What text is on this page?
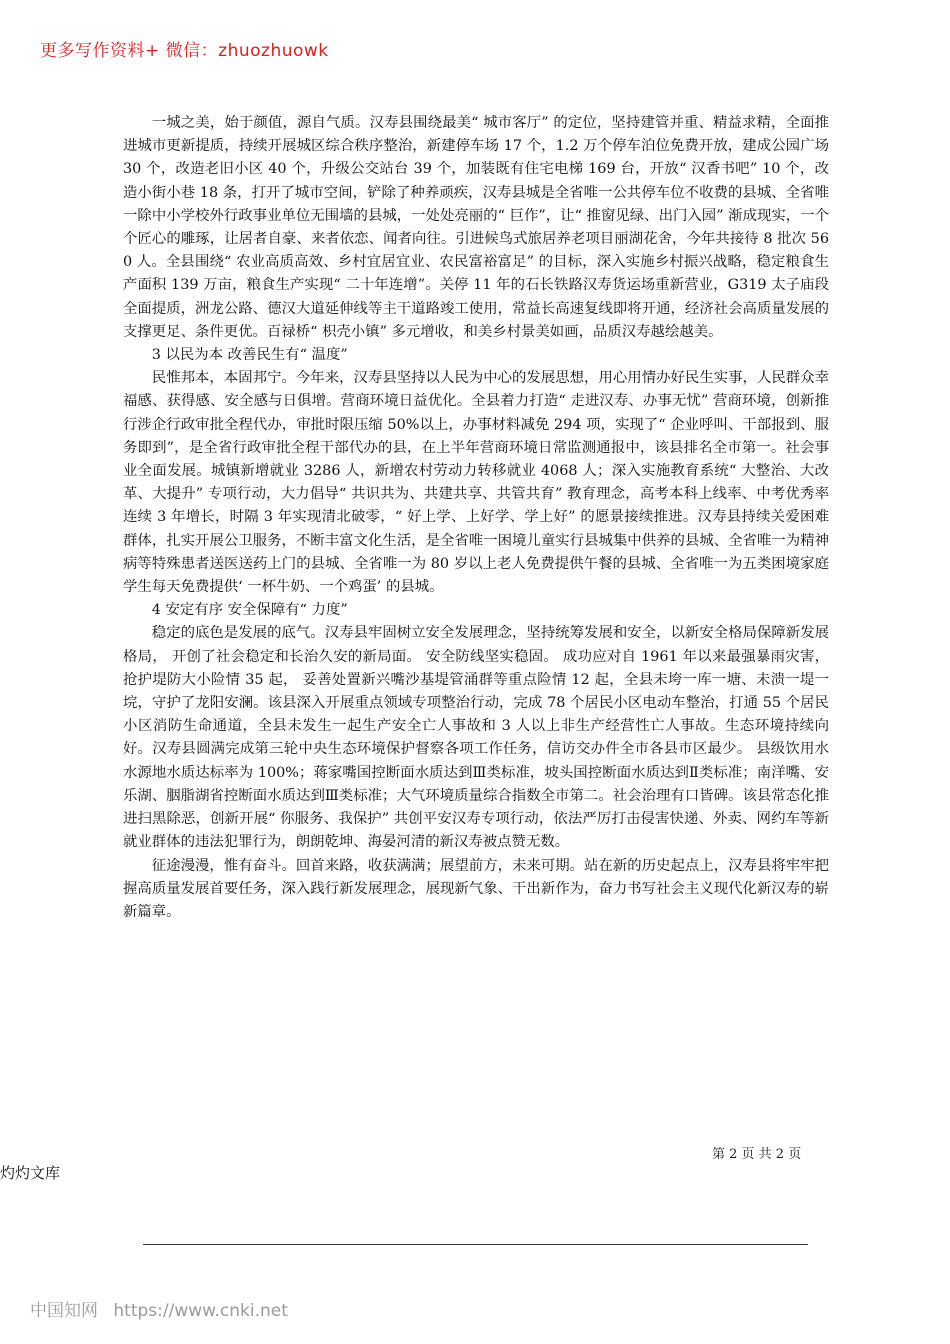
更多写作资料+ 微信：zhuozhuowk

一城之美，始于颜值，源自气质。汉寿县围绕最美“ 城市客厅” 的定位，坚持建管并重、精益求精，全面推进城市更新提质，持续开展城区综合秩序整治，新建停车场 17 个，1.2 万个停车泊位免费开放，建成公园广场 30 个，改造老旧小区 40 个，升级公交站台 39 个，加装既有住宅电梯 169 台，开放“ 汉香书吧” 10 个，改造小街小巷 18 条，打开了城市空间，铲除了种养顽疾，汉寿县城是全省唯一公共停车位不收费的县城、全省唯一除中小学校外行政事业单位无围墙的县城，一处处亮丽的“ 巨作”，让“ 推窗见绿、出门入园” 渐成现实，一个个匠心的雕琢，让居者自豪、来者依恋、闻者向往。引进候鸟式旅居养老项目丽湖花舍，今年共接待 8 批次 560 人。全县围绕“ 农业高质高效、乡村宜居宜业、农民富裕富足” 的目标，深入实施乡村振兴战略，稳定粮食生产面积 139 万亩，粮食生产实现“ 二十年连增”。关停 11 年的石长铁路汉寿货运场重新营业，G319 太子庙段全面提质，洲龙公路、德汉大道延伸线等主干道路竣工使用，常益长高速复线即将开通，经济社会高质量发展的支撑更足、条件更优。百禄桥“ 枳壳小镇” 多元增收，和美乡村景美如画，品质汉寿越绘越美。

3 以民为本 改善民生有“ 温度”

民惟邦本，本固邦宁。今年来，汉寿县坚持以人民为中心的发展思想，用心用情办好民生实事，人民群众幸福感、获得感、安全感与日俱增。营商环境日益优化。全县着力打造“ 走进汉寿、办事无忧” 营商环境，创新推行涉企行政审批全程代办，审批时限压缩 50%以上，办事材料减免 294 项，实现了“ 企业呼叫、干部报到、服务即到”，是全省行政审批全程干部代办的县，在上半年营商环境日常监测通报中，该县排名全市第一。社会事业全面发展。城镇新增就业 3286 人，新增农村劳动力转移就业 4068 人；深入实施教育系统“ 大整治、大改革、大提升” 专项行动，大力倡导“ 共识共为、共建共享、共管共育” 教育理念，高考本科上线率、中考优秀率连续 3 年增长，时隔 3 年实现清北破零，“ 好上学、上好学、学上好” 的愿景接续推进。汉寿县持续关爱困难群体，扎实开展公卫服务，不断丰富文化生活，是全省唯一困境儿童实行县城集中供养的县城、全省唯一为精神病等特殊患者送医送药上门的县城、全省唯一为 80 岁以上老人免费提供午餐的县城、全省唯一为五类困境家庭学生每天免费提供‘ 一杯牛奶、一个鸡蛋’ 的县城。

4 安定有序 安全保障有“ 力度”

稳定的底色是发展的底气。汉寿县牢固树立安全发展理念，坚持统筹发展和安全，以新安全格局保障新发展格局， 开创了社会稳定和长治久安的新局面。 安全防线坚实稳固。 成功应对自 1961 年以来最强暴雨灾害， 抢护堤防大小险情 35 起， 妥善处置新兴嘴沙基堤管涌群等重点险情 12 起，全县未垮一库一塘、未溃一堤一垸，守护了龙阳安澜。该县深入开展重点领域专项整治行动，完成 78 个居民小区电动车整治，打通 55 个居民小区消防生命通道，全县未发生一起生产安全亡人事故和 3 人以上非生产经营性亡人事故。生态环境持续向好。汉寿县圆满完成第三轮中央生态环境保护督察各项工作任务，信访交办件全市各县市区最少。 县级饮用水水源地水质达标率为 100%；蒋家嘴国控断面水质达到Ⅲ类标准，坡头国控断面水质达到Ⅱ类标准；南洋嘴、安乐湖、胭脂湖省控断面水质达到Ⅲ类标准；大气环境质量综合指数全市第二。社会治理有口皆碑。该县常态化推进扫黑除恶，创新开展“ 你服务、我保护” 共创平安汉寿专项行动，依法严厉打击侵害快递、外卖、网约车等新就业群体的违法犯罪行为，朗朗乾坤、海晏河清的新汉寿被点赞无数。

征途漫漫，惟有奋斗。回首来路，收获满满；展望前方，未来可期。站在新的历史起点上，汉寿县将牢牢把握高质量发展首要任务，深入践行新发展理念，展现新气象、干出新作为，奋力书写社会主义现代化新汉寿的崭新篇章。

第 2 页 共 2 页
灼灼文库
中国知网 https://www.cnki.net
